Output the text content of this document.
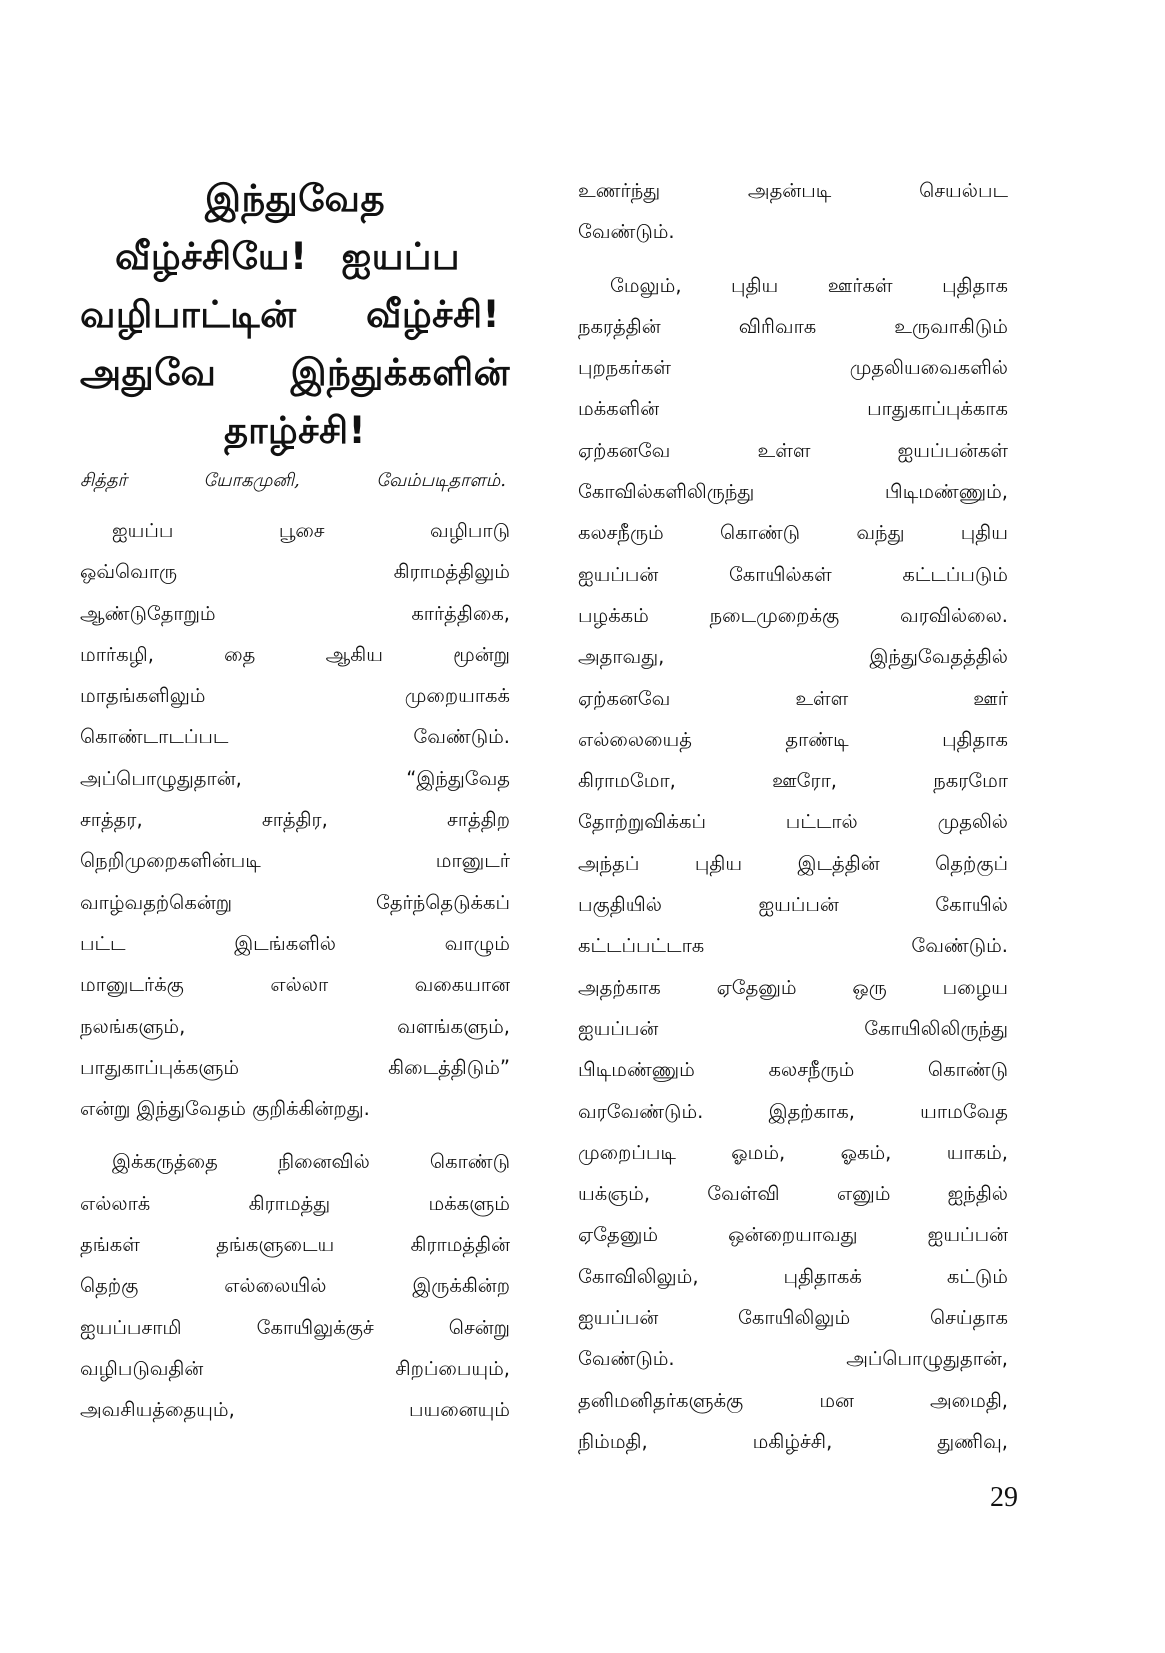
இந்துவேத
வீழ்ச்சியே! ஐயப்ப
வழிபாட்டின் வீழ்ச்சி!
அதுவே இந்துக்களின்
தாழ்ச்சி!
சித்தர்	யோகமுனி,	வேம்படிதாளம்.
ஐயப்ப பூசை வழிபாடு
ஒவ்வொரு கிராமத்திலும்
ஆண்டுதோறும் கார்த்திகை,
மார்கழி, தை ஆகிய மூன்று
மாதங்களிலும் முறையாகக்
கொண்டாடப்பட வேண்டும்.
அப்பொழுதுதான், “இந்துவேத
சாத்தர, சாத்திர, சாத்திற
நெறிமுறைகளின்படி மானுடர்
வாழ்வதற்கென்று தேர்ந்தெடுக்கப்
பட்ட இடங்களில் வாழும்
மானுடர்க்கு எல்லா வகையான
நலங்களும், வளங்களும்,
பாதுகாப்புக்களும் கிடைத்திடும்”
என்று இந்துவேதம் குறிக்கின்றது.
இக்கருத்தை நினைவில் கொண்டு
எல்லாக் கிராமத்து மக்களும்
தங்கள் தங்களுடைய கிராமத்தின்
தெற்கு எல்லையில் இருக்கின்ற
ஐயப்பசாமி கோயிலுக்குச் சென்று
வழிபடுவதின் சிறப்பையும்,
அவசியத்தையும், பயனையும்
உணர்ந்து அதன்படி செயல்பட
வேண்டும்.
மேலும், புதிய ஊர்கள் புதிதாக
நகரத்தின் விரிவாக உருவாகிடும்
புறநகர்கள் முதலியவைகளில்
மக்களின் பாதுகாப்புக்காக
ஏற்கனவே உள்ள ஐயப்பன்கள்
கோவில்களிலிருந்து பிடிமண்ணும்,
கலசநீரும் கொண்டு வந்து புதிய
ஐயப்பன் கோயில்கள் கட்டப்படும்
பழக்கம் நடைமுறைக்கு வரவில்லை.
அதாவது, இந்துவேதத்தில்
ஏற்கனவே உள்ள ஊர்
எல்லையைத் தாண்டி புதிதாக
கிராமமோ, ஊரோ, நகரமோ
தோற்றுவிக்கப் பட்டால் முதலில்
அந்தப் புதிய இடத்தின் தெற்குப்
பகுதியில் ஐயப்பன் கோயில்
கட்டப்பட்டாக வேண்டும்.
அதற்காக ஏதேனும் ஒரு பழைய
ஐயப்பன் கோயிலிலிருந்து
பிடிமண்ணும் கலசநீரும் கொண்டு
வரவேண்டும். இதற்காக, யாமவேத
முறைப்படி ஓமம், ஓகம், யாகம்,
யக்ஞம், வேள்வி எனும் ஐந்தில்
ஏதேனும் ஒன்றையாவது ஐயப்பன்
கோவிலிலும், புதிதாகக் கட்டும்
ஐயப்பன் கோயிலிலும் செய்தாக
வேண்டும். அப்பொழுதுதான்,
தனிமனிதர்களுக்கு மன அமைதி,
நிம்மதி, மகிழ்ச்சி, துணிவு,
29
